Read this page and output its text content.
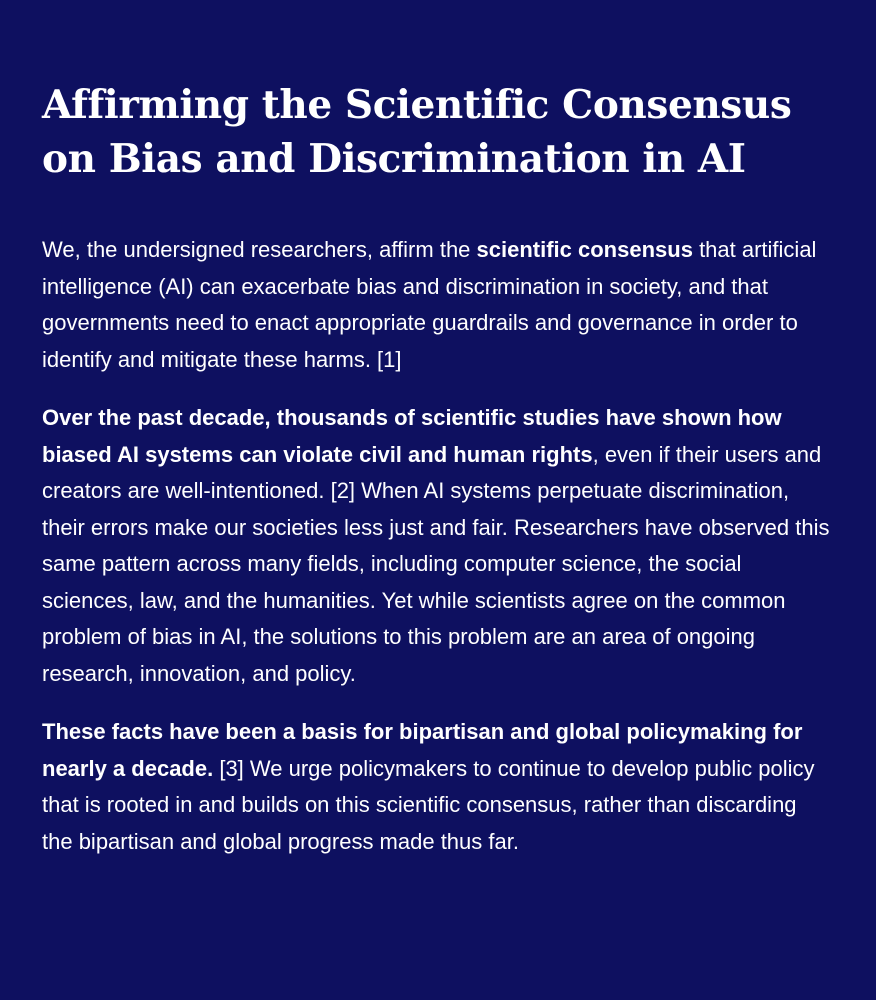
Affirming the Scientific Consensus on Bias and Discrimination in AI

We, the undersigned researchers, affirm the scientific consensus that artificial intelligence (AI) can exacerbate bias and discrimination in society, and that governments need to enact appropriate guardrails and governance in order to identify and mitigate these harms. [1]

Over the past decade, thousands of scientific studies have shown how biased AI systems can violate civil and human rights, even if their users and creators are well-intentioned. [2] When AI systems perpetuate discrimination, their errors make our societies less just and fair. Researchers have observed this same pattern across many fields, including computer science, the social sciences, law, and the humanities. Yet while scientists agree on the common problem of bias in AI, the solutions to this problem are an area of ongoing research, innovation, and policy.

These facts have been a basis for bipartisan and global policymaking for nearly a decade. [3] We urge policymakers to continue to develop public policy that is rooted in and builds on this scientific consensus, rather than discarding the bipartisan and global progress made thus far.
